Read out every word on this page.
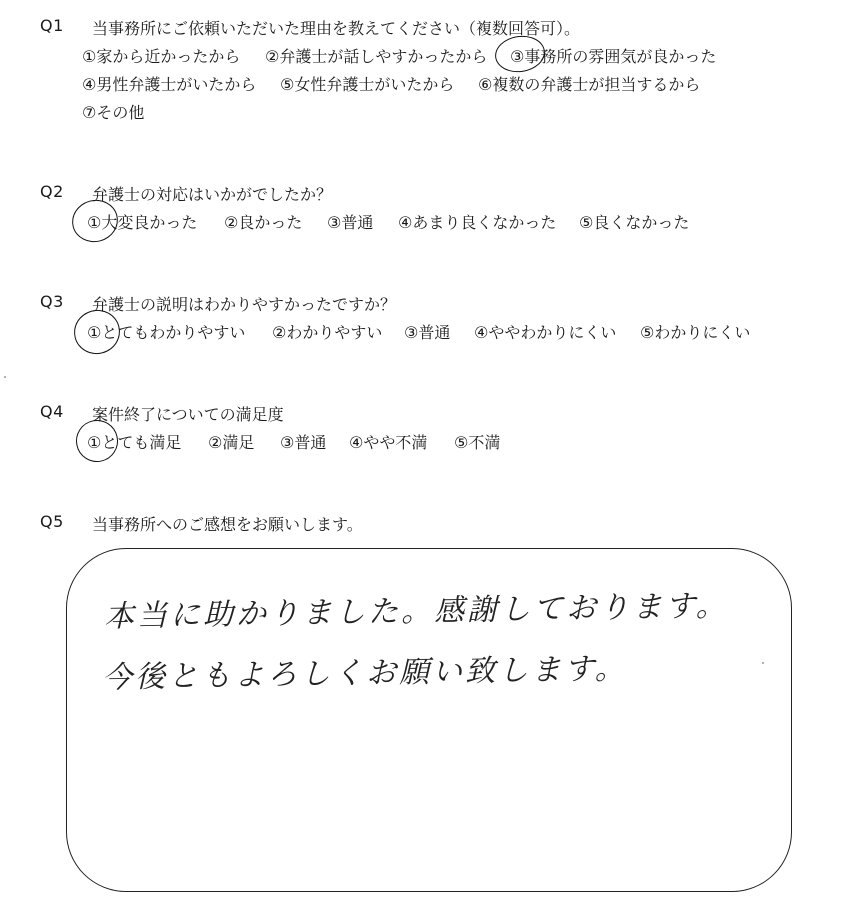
Q1 当事務所にご依頼いただいた理由を教えてください（複数回答可）。
①家から近かったから ②弁護士が話しやすかったから ③事務所の雰囲気が良かった
④男性弁護士がいたから ⑤女性弁護士がいたから ⑥複数の弁護士が担当するから
⑦その他
Q2 弁護士の対応はいかがでしたか？
①大変良かった ②良かった ③普通 ④あまり良くなかった ⑤良くなかった
Q3 弁護士の説明はわかりやすかったですか？
①とてもわかりやすい ②わかりやすい ③普通 ④ややわかりにくい ⑤わかりにくい
Q4 案件終了についての満足度
①とても満足 ②満足 ③普通 ④やや不満 ⑤不満
Q5 当事務所へのご感想をお願いします。
本当に助かりました。感謝しております。
今後ともよろしくお願い致します。
